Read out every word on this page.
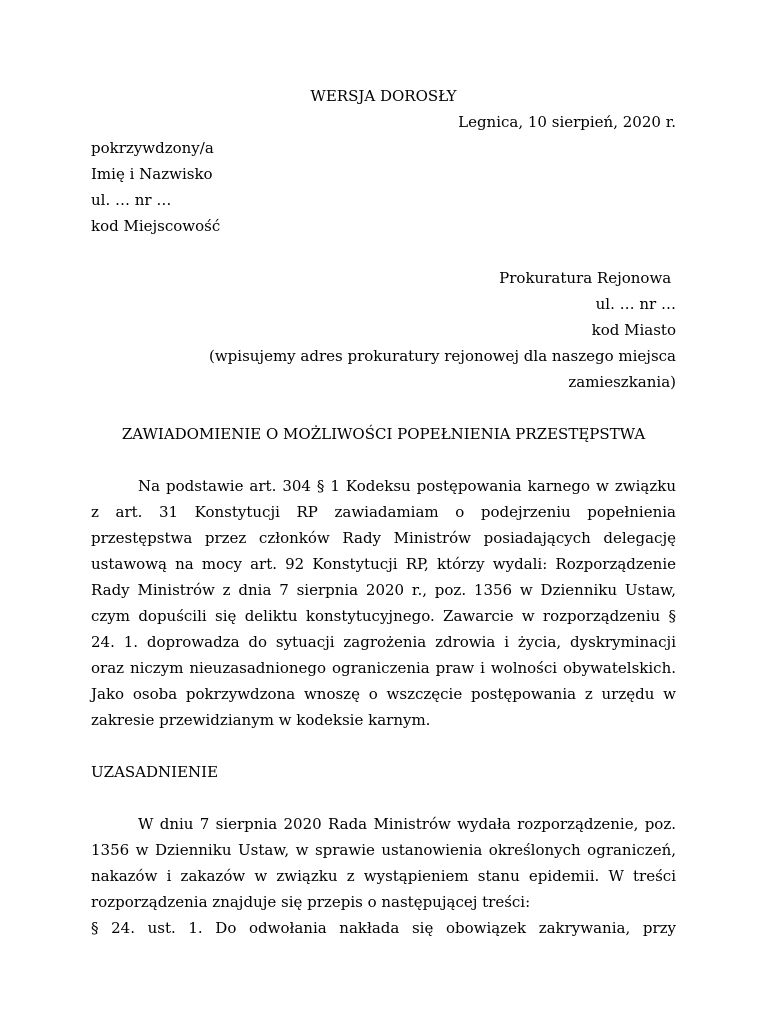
WERSJA DOROSŁY
Legnica, 10 sierpień, 2020 r.
pokrzywdzony/a
Imię i Nazwisko
ul. … nr …
kod Miejscowość
Prokuratura Rejonowa
ul. … nr …
kod Miasto
(wpisujemy adres prokuratury rejonowej dla naszego miejsca
zamieszkania)
ZAWIADOMIENIE O MOŻLIWOŚCI POPEŁNIENIA PRZESTĘPSTWA

Na podstawie art. 304 § 1 Kodeksu postępowania karnego w związku z art. 31 Konstytucji RP zawiadamiam o podejrzeniu popełnienia przestępstwa przez członków Rady Ministrów posiadających delegację ustawową na mocy art. 92 Konstytucji RP, którzy wydali: Rozporządzenie Rady Ministrów z dnia 7 sierpnia 2020 r., poz. 1356 w Dzienniku Ustaw, czym dopuścili się deliktu konstytucyjnego. Zawarcie w rozporządzeniu § 24. 1. doprowadza do sytuacji zagrożenia zdrowia i życia, dyskryminacji oraz niczym nieuzasadnionego ograniczenia praw i wolności obywatelskich. Jako osoba pokrzywdzona wnoszę o wszczęcie postępowania z urzędu w zakresie przewidzianym w kodeksie karnym.

UZASADNIENIE

W dniu 7 sierpnia 2020 Rada Ministrów wydała rozporządzenie, poz. 1356 w Dzienniku Ustaw, w sprawie ustanowienia określonych ograniczeń, nakazów i zakazów w związku z wystąpieniem stanu epidemii. W treści rozporządzenia znajduje się przepis o następującej treści:

§ 24. ust. 1. Do odwołania nakłada się obowiązek zakrywania, przy
